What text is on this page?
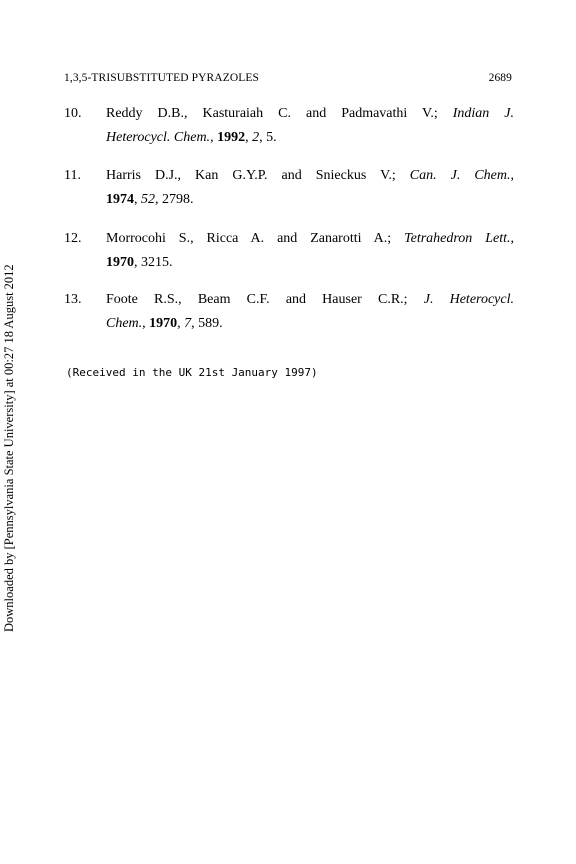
1,3,5-TRISUBSTITUTED PYRAZOLES	2689
10. Reddy D.B., Kasturaiah C. and Padmavathi V.; Indian J.
Heterocycl. Chem., 1992, 2, 5.
11. Harris D.J., Kan G.Y.P. and Snieckus V.; Can. J. Chem.,
1974, 52, 2798.
12. Morrocohi S., Ricca A. and Zanarotti A.; Tetrahedron Lett.,
1970, 3215.
13. Foote R.S., Beam C.F. and Hauser C.R.; J. Heterocycl.
Chem., 1970, 7, 589.
(Received in the UK 21st January 1997)
Downloaded by [Pennsylvania State University] at 00:27 18 August 2012
